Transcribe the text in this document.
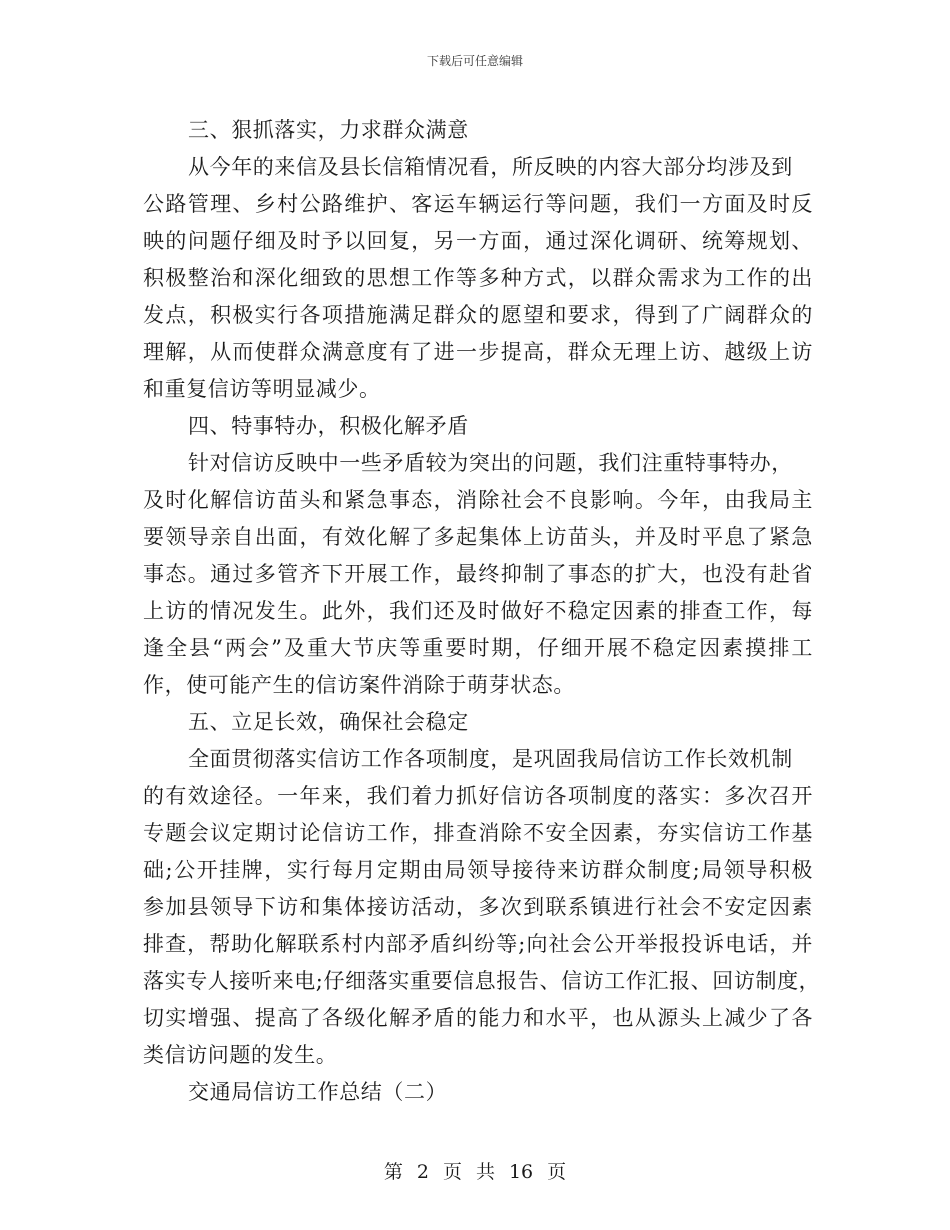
下载后可任意编辑
三、狠抓落实，力求群众满意
从今年的来信及县长信箱情况看，所反映的内容大部分均涉及到
公路管理、乡村公路维护、客运车辆运行等问题，我们一方面及时反
映的问题仔细及时予以回复，另一方面，通过深化调研、统筹规划、
积极整治和深化细致的思想工作等多种方式，以群众需求为工作的出
发点，积极实行各项措施满足群众的愿望和要求，得到了广阔群众的
理解，从而使群众满意度有了进一步提高，群众无理上访、越级上访
和重复信访等明显减少。
四、特事特办，积极化解矛盾
针对信访反映中一些矛盾较为突出的问题，我们注重特事特办，
及时化解信访苗头和紧急事态，消除社会不良影响。今年，由我局主
要领导亲自出面，有效化解了多起集体上访苗头，并及时平息了紧急
事态。通过多管齐下开展工作，最终抑制了事态的扩大，也没有赴省
上访的情况发生。此外，我们还及时做好不稳定因素的排查工作，每
逢全县“两会”及重大节庆等重要时期，仔细开展不稳定因素摸排工
作，使可能产生的信访案件消除于萌芽状态。
五、立足长效，确保社会稳定
全面贯彻落实信访工作各项制度，是巩固我局信访工作长效机制
的有效途径。一年来，我们着力抓好信访各项制度的落实：多次召开
专题会议定期讨论信访工作，排查消除不安全因素，夯实信访工作基
础;公开挂牌，实行每月定期由局领导接待来访群众制度;局领导积极
参加县领导下访和集体接访活动，多次到联系镇进行社会不安定因素
排查，帮助化解联系村内部矛盾纠纷等;向社会公开举报投诉电话，并
落实专人接听来电;仔细落实重要信息报告、信访工作汇报、回访制度，
切实增强、提高了各级化解矛盾的能力和水平，也从源头上减少了各
类信访问题的发生。
交通局信访工作总结（二）
第 2 页 共 16 页
